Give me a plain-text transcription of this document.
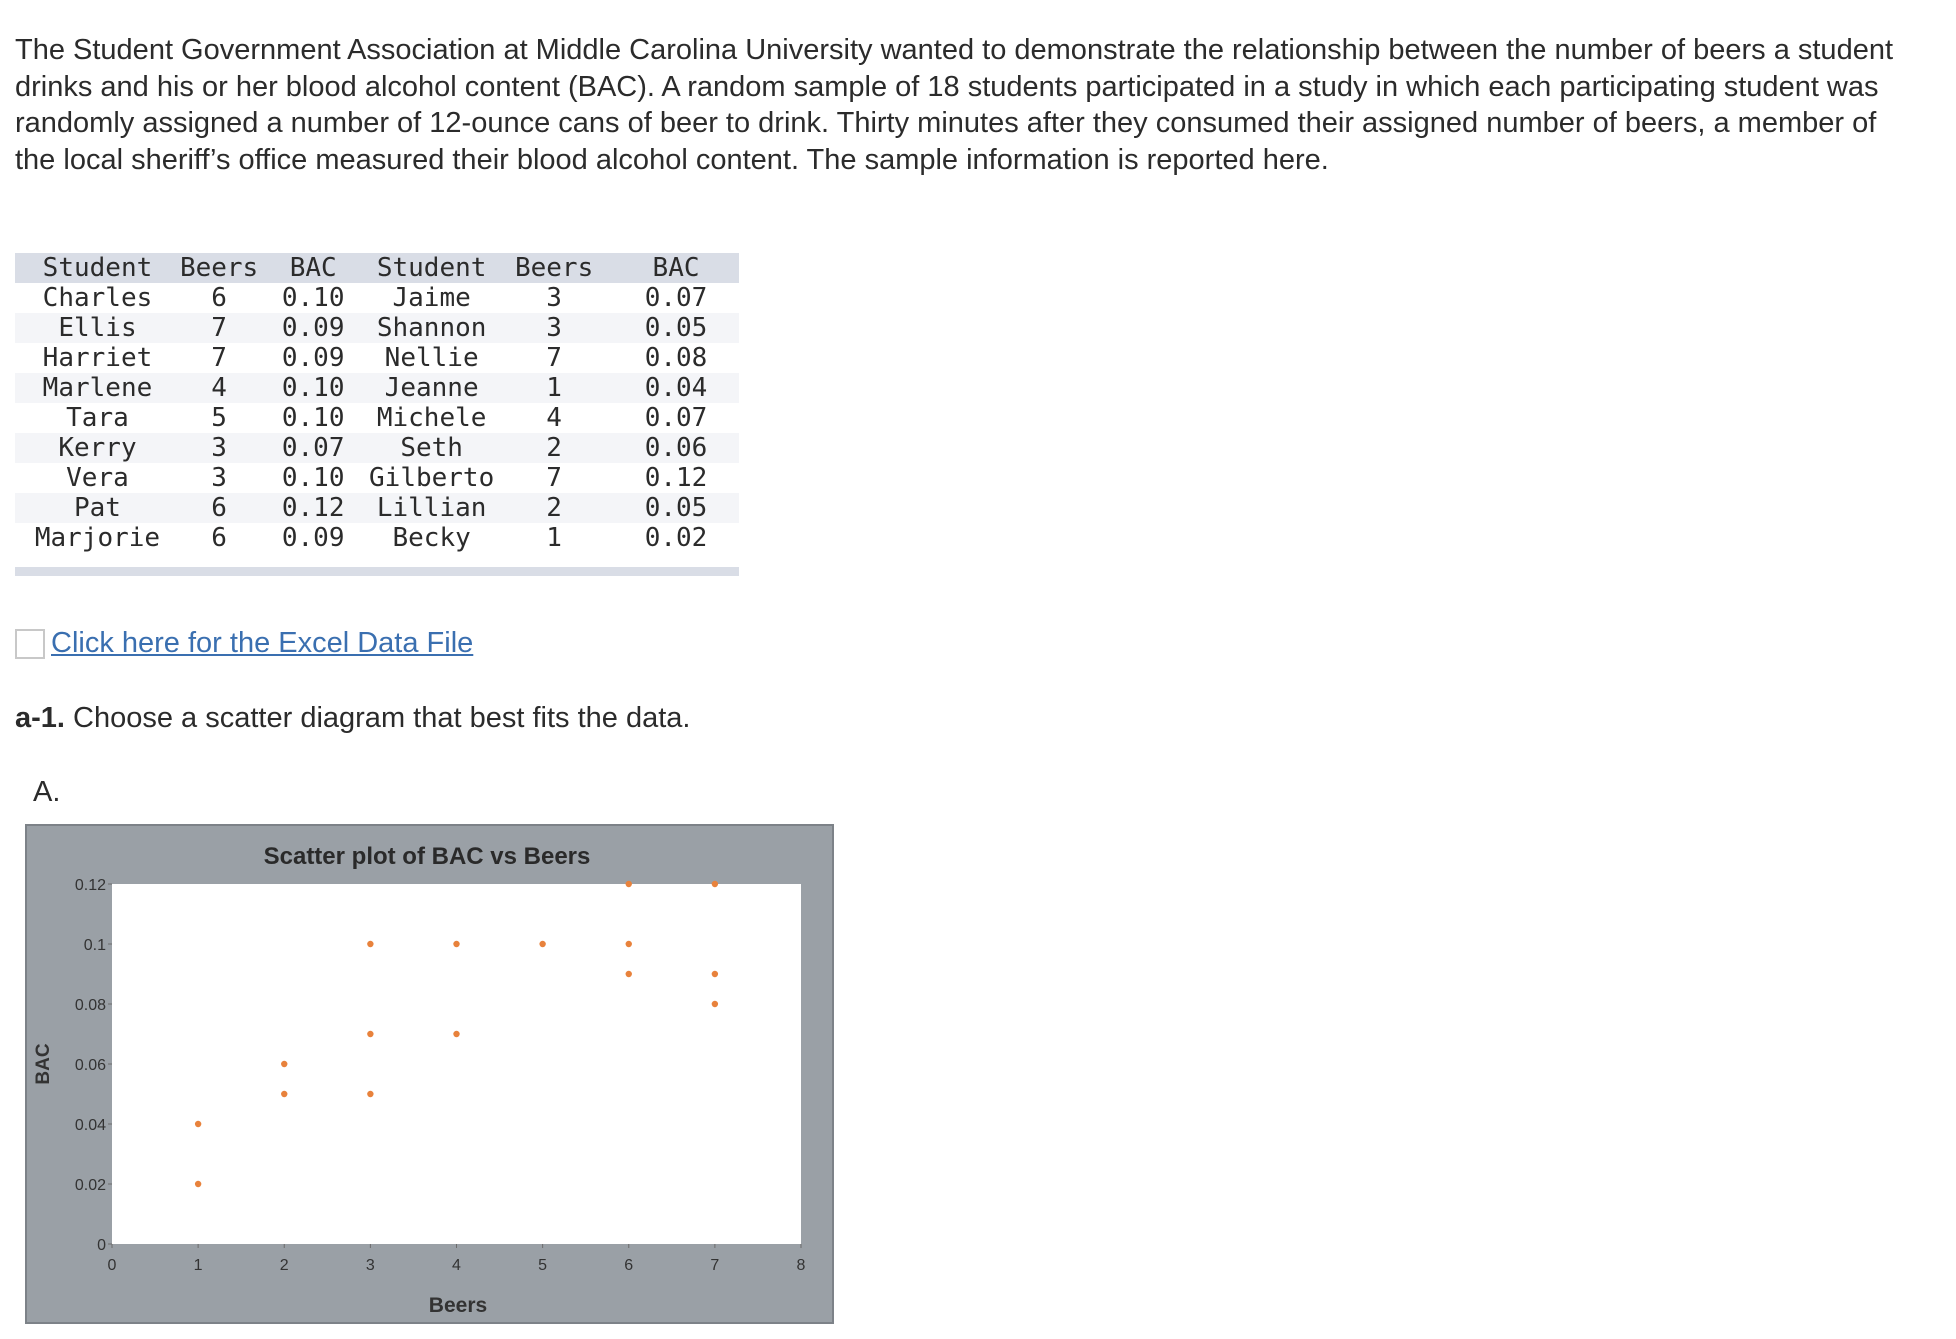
The Student Government Association at Middle Carolina University wanted to demonstrate the relationship between the number of beers a student drinks and his or her blood alcohol content (BAC). A random sample of 18 students participated in a study in which each participating student was randomly assigned a number of 12-ounce cans of beer to drink. Thirty minutes after they consumed their assigned number of beers, a member of the local sheriff’s office measured their blood alcohol content. The sample information is reported here.

Student	Beers	BAC	Student	Beers	BAC
Charles	6	0.10	Jaime	3	0.07
Ellis	7	0.09	Shannon	3	0.05
Harriet	7	0.09	Nellie	7	0.08
Marlene	4	0.10	Jeanne	1	0.04
Tara	5	0.10	Michele	4	0.07
Kerry	3	0.07	Seth	2	0.06
Vera	3	0.10	Gilberto	7	0.12
Pat	6	0.12	Lillian	2	0.05
Marjorie	6	0.09	Becky	1	0.02

Click here for the Excel Data File

a-1. Choose a scatter diagram that best fits the data.

A.
Scatter plot of BAC vs Beers
0
0.02
0.04
0.06
0.08
0.1
0.12
0	1	2	3	4	5	6	7	8
Beers
BAC
